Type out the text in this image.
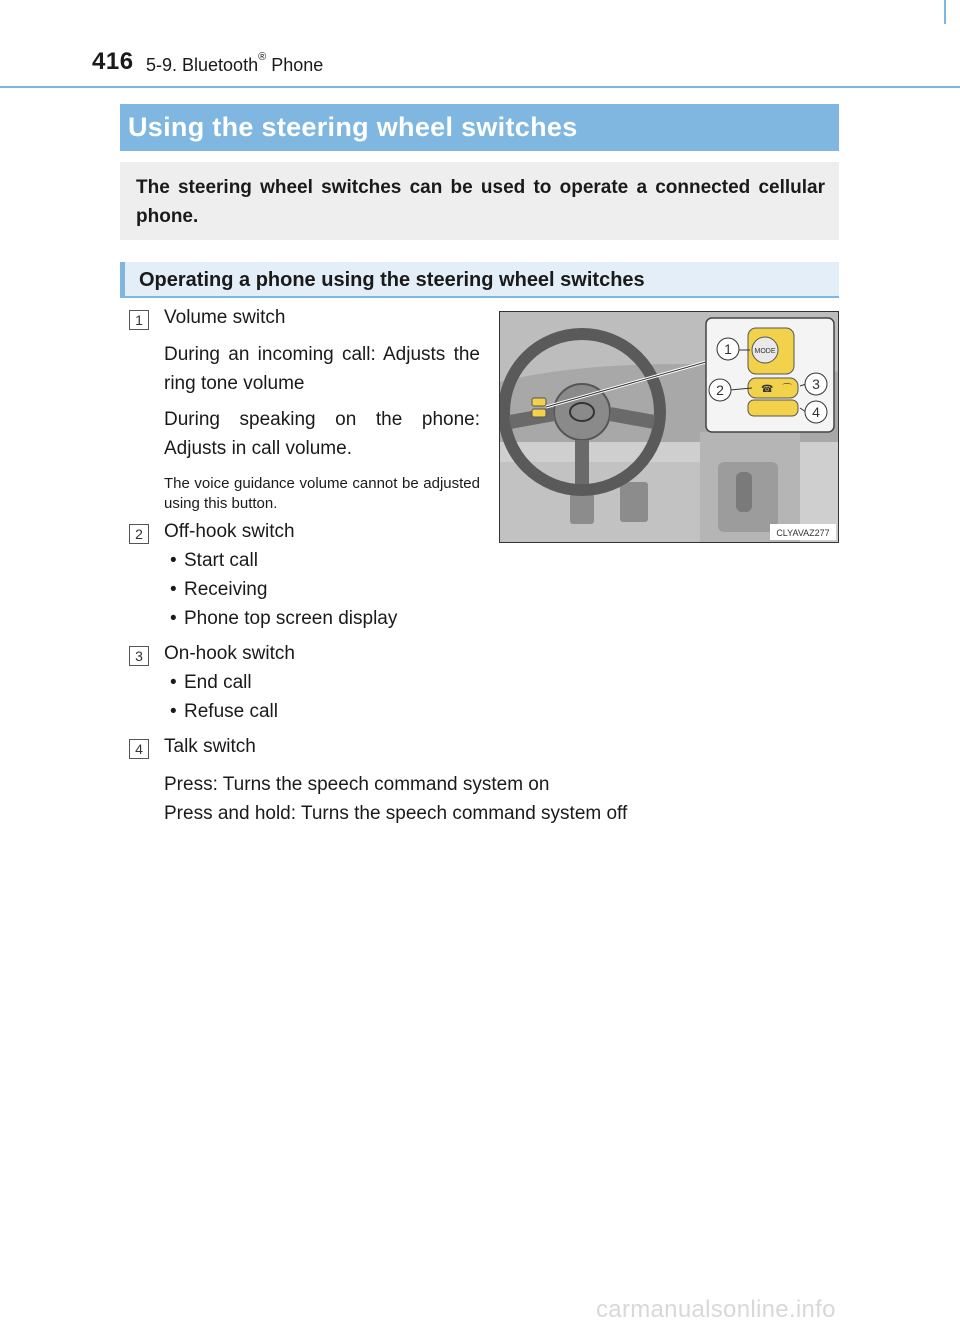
416 5-9. Bluetooth® Phone
Using the steering wheel switches
The steering wheel switches can be used to operate a connected cellular phone.
Operating a phone using the steering wheel switches
1	Volume switch
During an incoming call: Adjusts the ring tone volume
During speaking on the phone: Adjusts in call volume.
The voice guidance volume cannot be adjusted using this button.
2	Off-hook switch
• Start call
• Receiving
• Phone top screen display
3	On-hook switch
• End call
• Refuse call
4	Talk switch
Press: Turns the speech command system on
Press and hold: Turns the speech command system off
MODE
☎ ⌒
1
2	3
4
CLYAVAZ277
carmanualsonline.info
